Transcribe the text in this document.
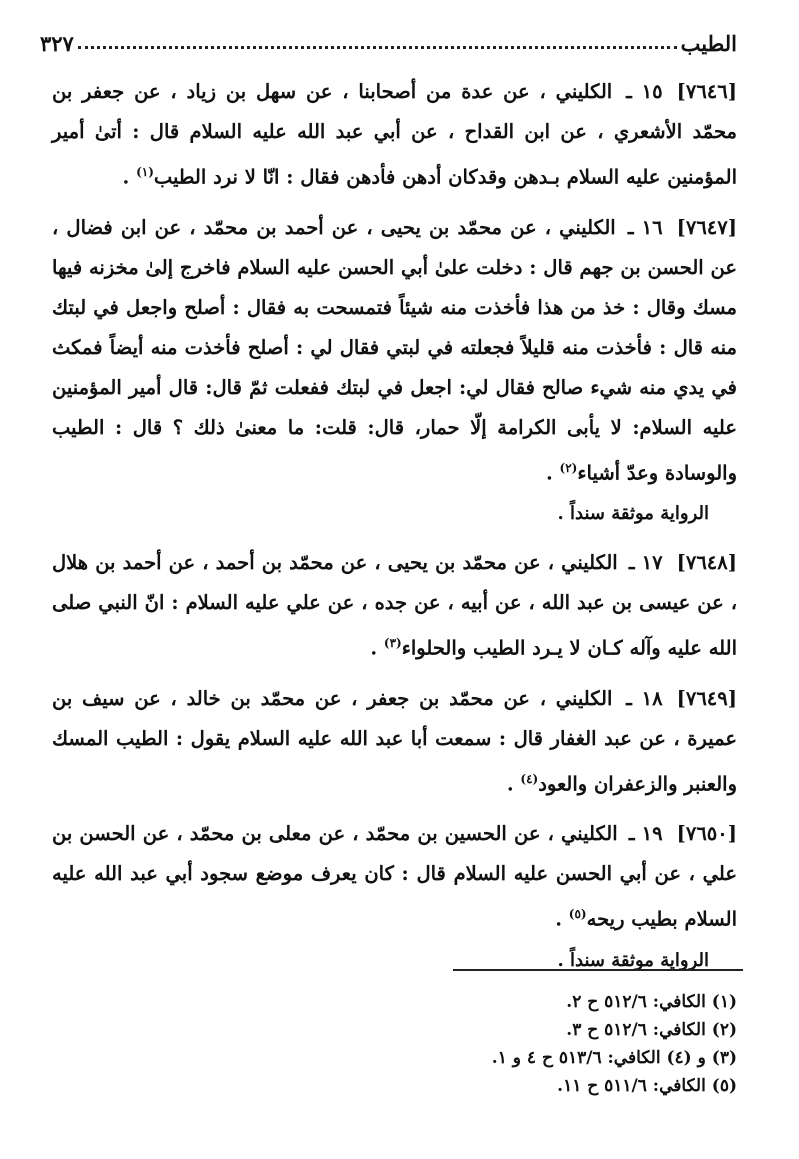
الطيب
٣٢٧
[٧٦٤٦]١٥ ـ الكليني ، عن عدة من أصحابنا ، عن سهل بن زياد ، عن جعفر بن محمّد الأشعري ، عن ابن القداح ، عن أبي عبد الله عليه السلام قال : أتىٰ أمير المؤمنين عليه السلام بـدهن وقدكان أدهن فأدهن فقال : انّا لا نرد الطيب$^{(١)}$ .
[٧٦٤٧]١٦ ـ الكليني ، عن محمّد بن يحيى ، عن أحمد بن محمّد ، عن ابن فضال ، عن الحسن بن جهم قال : دخلت علىٰ أبي الحسن عليه السلام فاخرج إلىٰ مخزنه فيها مسك وقال : خذ من هذا فأخذت منه شيئاً فتمسحت به فقال : أصلح واجعل في لبتك منه قال : فأخذت منه قليلاً فجعلته في لبتي فقال لي : أصلح فأخذت منه أيضاً فمكث في يدي منه شيء صالح فقال لي: اجعل في لبتك ففعلت ثمّ قال: قال أمير المؤمنين عليه السلام: لا يأبى الكرامة إلّا حمار، قال: قلت: ما معنىٰ ذلك ؟ قال : الطيب والوسادة وعدّ أشياء$^{(٢)}$ .
الرواية موثقة سنداً .
[٧٦٤٨]١٧ ـ الكليني ، عن محمّد بن يحيى ، عن محمّد بن أحمد ، عن أحمد بن هلال ، عن عيسى بن عبد الله ، عن أبيه ، عن جده ، عن علي عليه السلام : انّ النبي صلى الله عليه وآله كـان لا يـرد الطيب والحلواء$^{(٣)}$ .
[٧٦٤٩]١٨ ـ الكليني ، عن محمّد بن جعفر ، عن محمّد بن خالد ، عن سيف بن عميرة ، عن عبد الغفار قال : سمعت أبا عبد الله عليه السلام يقول : الطيب المسك والعنبر والزعفران والعود$^{(٤)}$ .
[٧٦٥٠]١٩ ـ الكليني ، عن الحسين بن محمّد ، عن معلى بن محمّد ، عن الحسن بن علي ، عن أبي الحسن عليه السلام قال : كان يعرف موضع سجود أبي عبد الله عليه السلام بطيب ريحه$^{(٥)}$ .
الرواية موثقة سنداً .
(١) الكافي: ٥١٢/٦ ح ٢.
(٢) الكافي: ٥١٢/٦ ح ٣.
(٣) و (٤) الكافي: ٥١٣/٦ ح ٤ و ١.
(٥) الكافي: ٥١١/٦ ح ١١.
